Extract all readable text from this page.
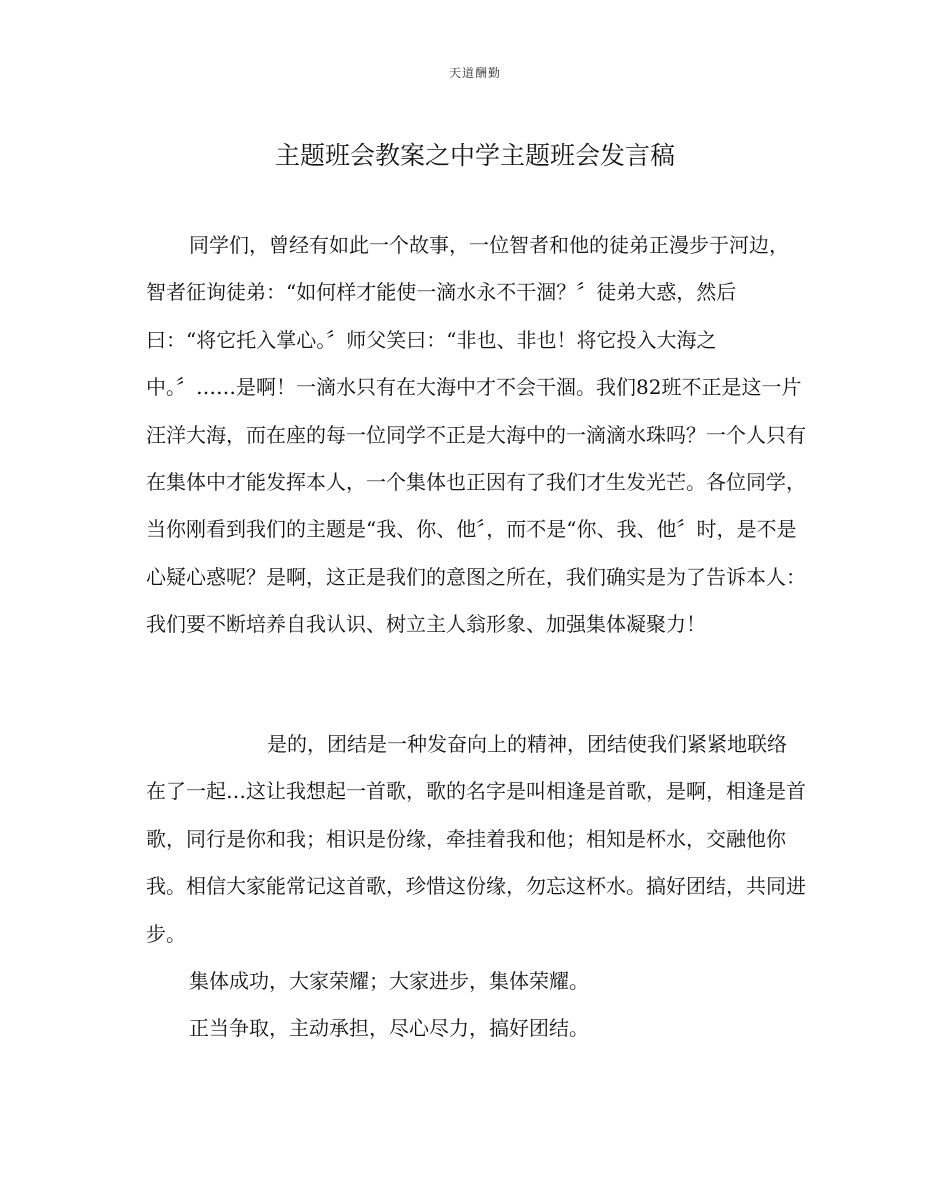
天道酬勤
主题班会教案之中学主题班会发言稿

同学们，曾经有如此一个故事，一位智者和他的徒弟正漫步于河边，智者征询徒弟：“如何样才能使一滴水永不干涸？〞徒弟大惑，然后曰：“将它托入掌心。〞师父笑曰：“非也、非也！将它投入大海之中。〞……是啊！一滴水只有在大海中才不会干涸。我们82班不正是这一片汪洋大海，而在座的每一位同学不正是大海中的一滴滴水珠吗？一个人只有在集体中才能发挥本人，一个集体也正因有了我们才生发光芒。各位同学，当你刚看到我们的主题是“我、你、他〞，而不是“你、我、他〞时，是不是心疑心惑呢？是啊，这正是我们的意图之所在，我们确实是为了告诉本人：我们要不断培养自我认识、树立主人翁形象、加强集体凝聚力！

是的，团结是一种发奋向上的精神，团结使我们紧紧地联络在了一起…这让我想起一首歌，歌的名字是叫相逢是首歌，是啊，相逢是首歌，同行是你和我；相识是份缘，牵挂着我和他；相知是杯水，交融他你我。相信大家能常记这首歌，珍惜这份缘，勿忘这杯水。搞好团结，共同进步。

集体成功，大家荣耀；大家进步，集体荣耀。

正当争取，主动承担，尽心尽力，搞好团结。
